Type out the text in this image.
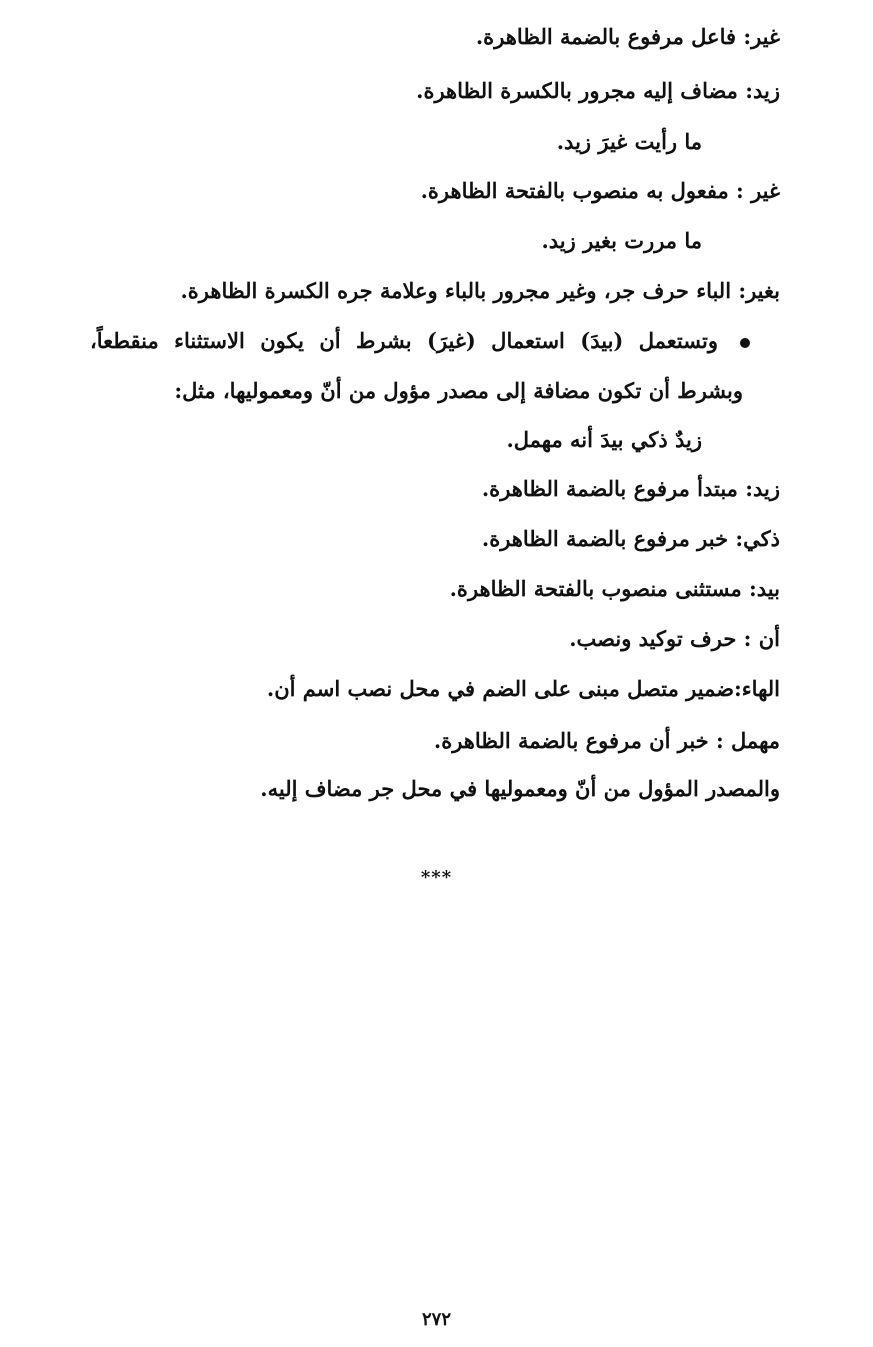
غير: فاعل مرفوع بالضمة الظاهرة.
زيد: مضاف إليه مجرور بالكسرة الظاهرة.
ما رأيت غيرَ زيد.
غير : مفعول به منصوب بالفتحة الظاهرة.
ما مررت بغير زيد.
بغير: الباء حرف جر، وغير مجرور بالباء وعلامة جره الكسرة الظاهرة.
وتستعمل (بيدَ) استعمال (غيرَ) بشرط أن يكون الاستثناء منقطعاً،
وبشرط أن تكون مضافة إلى مصدر مؤول من أنّ ومعموليها، مثل:
زيدٌ ذكي بيدَ أنه مهمل.
زيد: مبتدأ مرفوع بالضمة الظاهرة.
ذكي: خبر مرفوع بالضمة الظاهرة.
بيد: مستثنى منصوب بالفتحة الظاهرة.
أن : حرف توكيد ونصب.
الهاء:ضمير متصل مبنى على الضم في محل نصب اسم أن.
مهمل : خبر أن مرفوع بالضمة الظاهرة.
والمصدر المؤول من أنّ ومعموليها في محل جر مضاف إليه.
***
٢٧٢
